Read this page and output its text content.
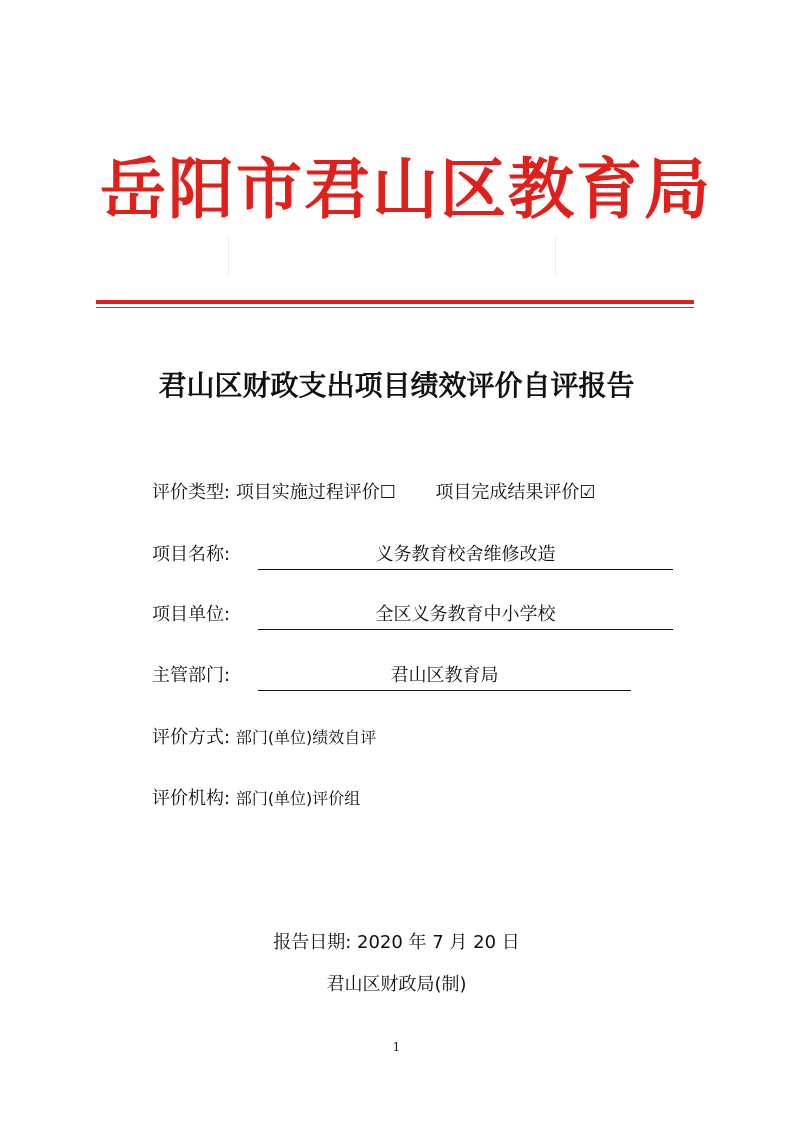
岳阳市君山区教育局
君山区财政支出项目绩效评价自评报告
评价类型: 项目实施过程评价☐ 项目完成结果评价☑
项目名称:	义务教育校舍维修改造
项目单位:	全区义务教育中小学校
主管部门:	君山区教育局
评价方式: 部门(单位)绩效自评
评价机构: 部门(单位)评价组
报告日期: 2020 年 7 月 20 日
君山区财政局(制)
1
